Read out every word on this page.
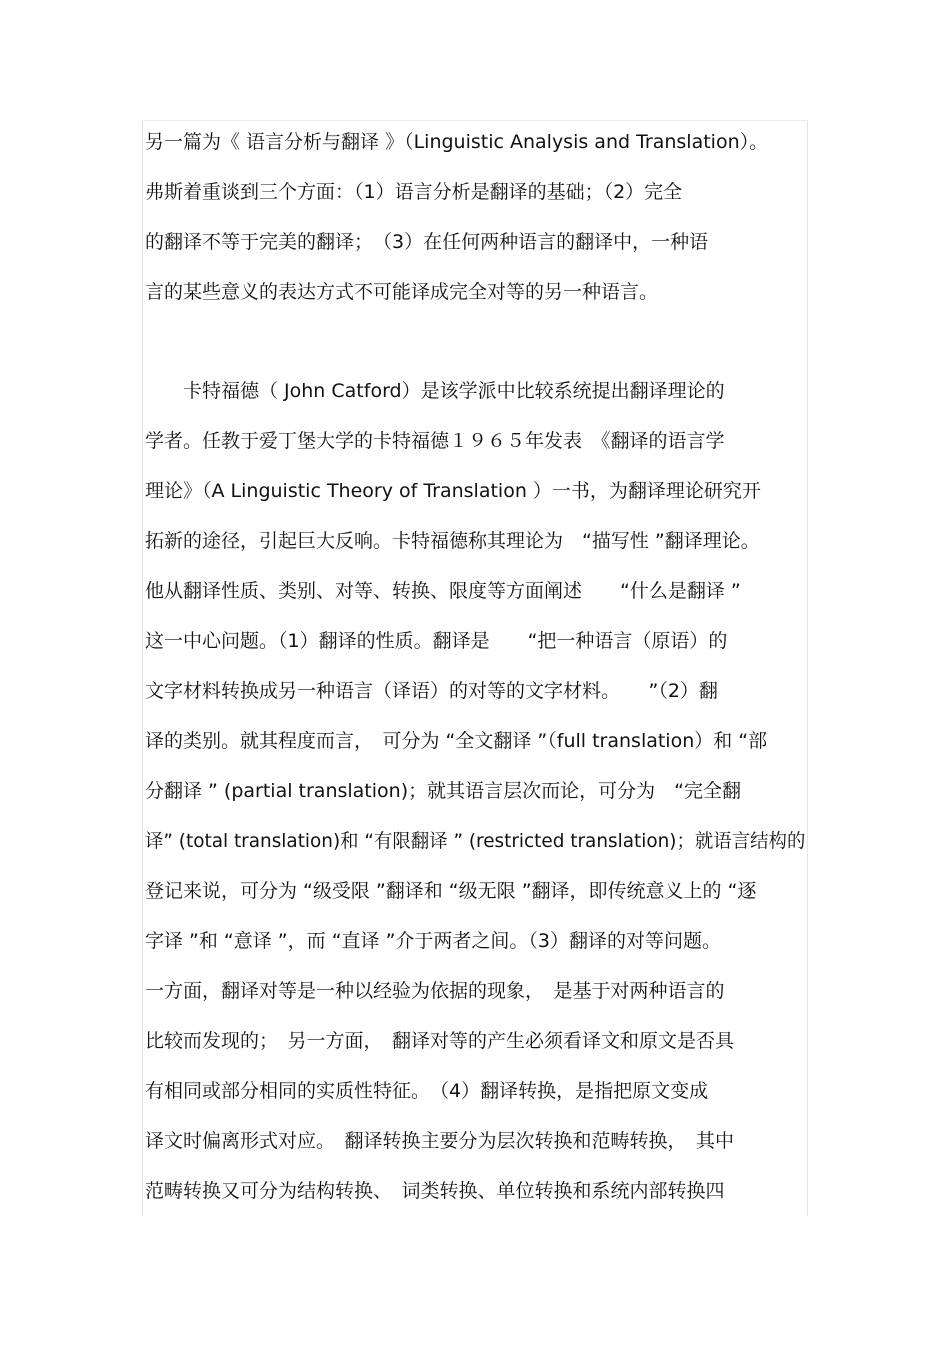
另一篇为《 语言分析与翻译 》（Linguistic Analysis and Translation）。
弗斯着重谈到三个方面：（1）语言分析是翻译的基础；（2）完全
的翻译不等于完美的翻译；　（3）在任何两种语言的翻译中，一种语
言的某些意义的表达方式不可能译成完全对等的另一种语言。
　　卡特福德（ John Catford）是该学派中比较系统提出翻译理论的
学者。任教于爱丁堡大学的卡特福德１９６５年发表　《翻译的语言学
理论》（A Linguistic Theory of Translation ）一书，为翻译理论研究开
拓新的途径，引起巨大反响。卡特福德称其理论为　“描写性 ”翻译理论。
他从翻译性质、类别、对等、转换、限度等方面阐述　　“什么是翻译 ”
这一中心问题。（1）翻译的性质。翻译是　　“把一种语言（原语）的
文字材料转换成另一种语言（译语）的对等的文字材料。　　”（2）翻
译的类别。就其程度而言，　可分为 “全文翻译 ”（full translation）和 “部
分翻译 ” (partial translation)；就其语言层次而论，可分为　“完全翻
译” (total translation)和 “有限翻译 ” (restricted translation)；就语言结构的
登记来说，可分为 “级受限 ”翻译和 “级无限 ”翻译，即传统意义上的 “逐
字译 ”和 “意译 ”，而 “直译 ”介于两者之间。（3）翻译的对等问题。
一方面，翻译对等是一种以经验为依据的现象，　是基于对两种语言的
比较而发现的；　另一方面，　翻译对等的产生必须看译文和原文是否具
有相同或部分相同的实质性特征。　（4）翻译转换，是指把原文变成
译文时偏离形式对应。　翻译转换主要分为层次转换和范畴转换，　其中
范畴转换又可分为结构转换、　词类转换、单位转换和系统内部转换四
